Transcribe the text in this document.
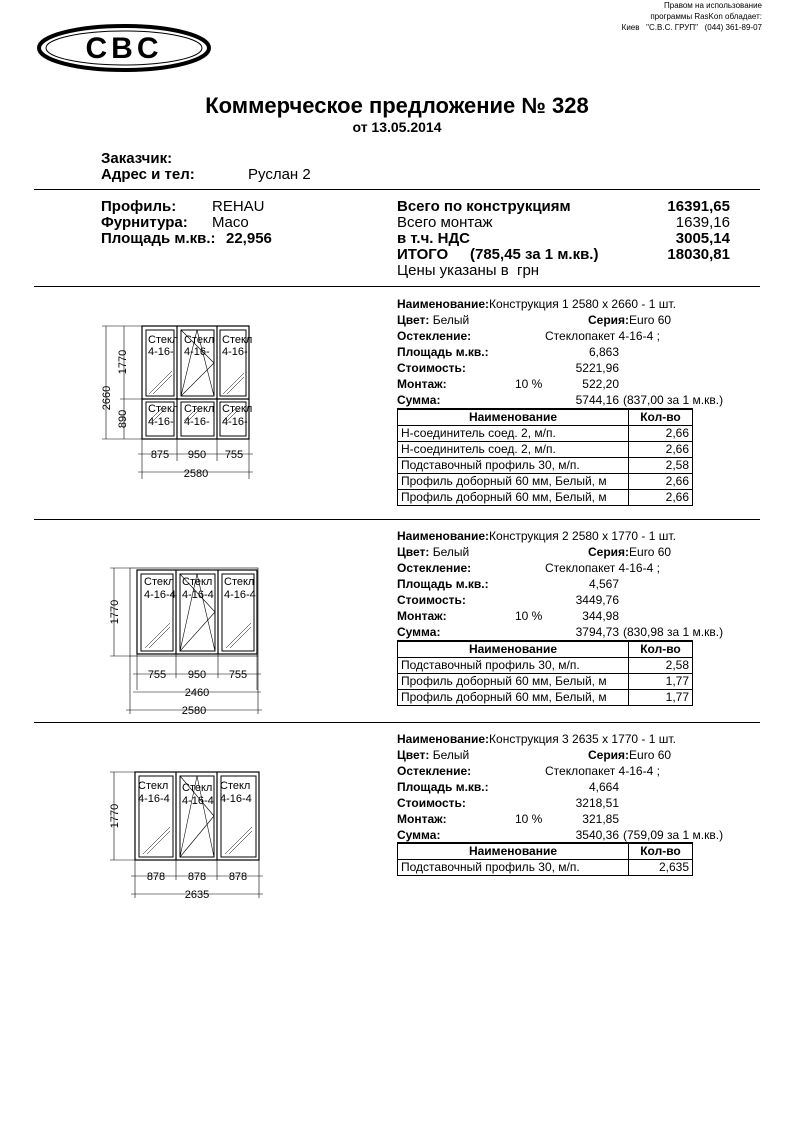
Правом на использование
программы RasKon обладает:
Киев   "С.В.С. ГРУП"   (044) 361-89-07
CBC
Коммерческое предложение № 328
от 13.05.2014
Заказчик:
Адрес и тел:	Руслан 2
Профиль: REHAU
Фурнитура: Maco
Площадь м.кв.: 22,956
Всего по конструкциям	16391,65
Всего монтаж	1639,16
в т.ч. НДС	3005,14
ИТОГО (785,45 за 1 м.кв.)	18030,81
Цены указаны в  грн
Стекл
4-16-
Стекл
4-16-
Стекл
4-16-
Стекл
4-16-
Стекл
4-16-
Стекл
4-16-
2660
1770
890
875 950 755
2580
Наименование:Конструкция 1 2580 x 2660 - 1 шт.
Цвет: Белый	Серия:Euro 60
Остекление:	Стеклопакет 4-16-4 ;
Площадь м.кв.:	6,863
Стоимость:	5221,96
Монтаж:	10 %	522,20
Сумма:	5744,16 (837,00 за 1 м.кв.)
Наименование	Кол-во
Н-соединитель соед. 2, м/п.	2,66
Н-соединитель соед. 2, м/п.	2,66
Подставочный профиль 30, м/п.	2,58
Профиль доборный 60 мм, Белый, м	2,66
Профиль доборный 60 мм, Белый, м	2,66
Стекл
4-16-4
Стекл
4-16-4
Стекл
4-16-4
1770
755 950 755
2460
2580
Наименование:Конструкция 2 2580 x 1770 - 1 шт.
Цвет: Белый	Серия:Euro 60
Остекление:	Стеклопакет 4-16-4 ;
Площадь м.кв.:	4,567
Стоимость:	3449,76
Монтаж:	10 %	344,98
Сумма:	3794,73 (830,98 за 1 м.кв.)
Наименование	Кол-во
Подставочный профиль 30, м/п.	2,58
Профиль доборный 60 мм, Белый, м	1,77
Профиль доборный 60 мм, Белый, м	1,77
Стекл
4-16-4
Стекл
4-16-4
Стекл
4-16-4
1770
878 878 878
2635
Наименование:Конструкция 3 2635 x 1770 - 1 шт.
Цвет: Белый	Серия:Euro 60
Остекление:	Стеклопакет 4-16-4 ;
Площадь м.кв.:	4,664
Стоимость:	3218,51
Монтаж:	10 %	321,85
Сумма:	3540,36 (759,09 за 1 м.кв.)
Наименование	Кол-во
Подставочный профиль 30, м/п.	2,635
